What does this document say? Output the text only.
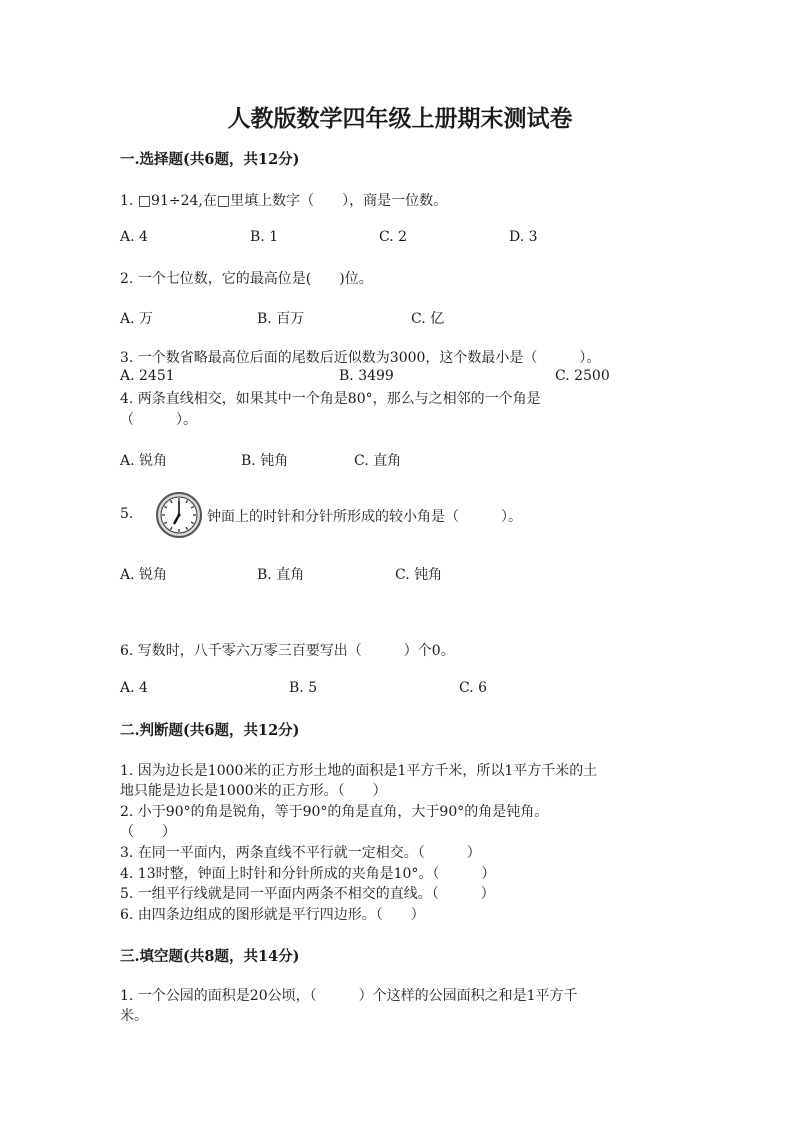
人教版数学四年级上册期末测试卷
一.选择题(共6题，共12分)
1. □91÷24,在□里填上数字（　　），商是一位数。
A. 4	B. 1	C. 2	D. 3
2. 一个七位数，它的最高位是(　　)位。
A. 万	B. 百万	C. 亿
3. 一个数省略最高位后面的尾数后近似数为3000，这个数最小是（　　　）。
A. 2451	B. 3499	C. 2500
4. 两条直线相交，如果其中一个角是80°，那么与之相邻的一个角是
（　　　）。
A. 锐角	B. 钝角	C. 直角
5.	钟面上的时针和分针所形成的较小角是（　　　）。
A. 锐角	B. 直角	C. 钝角
6. 写数时，八千零六万零三百要写出（　　　）个0。
A. 4	B. 5	C. 6
二.判断题(共6题，共12分)
1. 因为边长是1000米的正方形土地的面积是1平方千米，所以1平方千米的土
地只能是边长是1000米的正方形。（　　）
2. 小于90°的角是锐角，等于90°的角是直角，大于90°的角是钝角。
（　　）
3. 在同一平面内，两条直线不平行就一定相交。（　　　）
4. 13时整，钟面上时针和分针所成的夹角是10°。（　　　）
5. 一组平行线就是同一平面内两条不相交的直线。（　　　）
6. 由四条边组成的图形就是平行四边形。（　　）
三.填空题(共8题，共14分)
1. 一个公园的面积是20公顷，（　　　）个这样的公园面积之和是1平方千
米。
